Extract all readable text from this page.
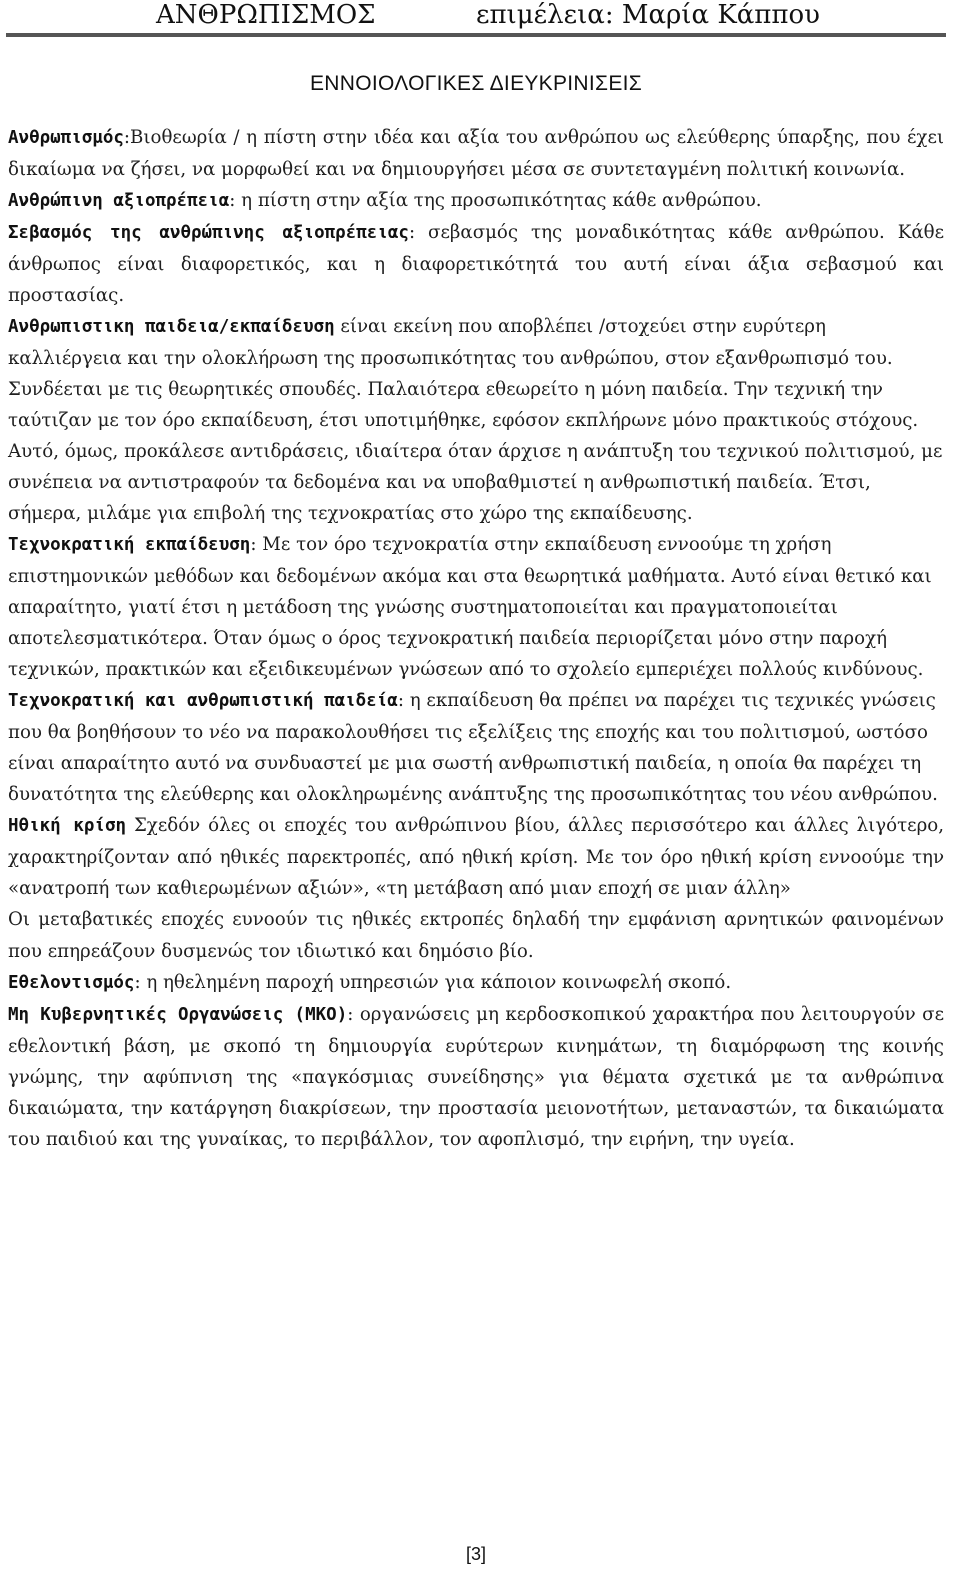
ΑΝΘΡΩΠΙΣΜΟΣ	επιμέλεια: Μαρία Κάππου
ΕΝΝΟΙΟΛΟΓΙΚΕΣ ΔΙΕΥΚΡΙΝΙΣΕΙΣ

Ανθρωπισμός:Βιοθεωρία / η πίστη στην ιδέα και αξία του ανθρώπου ως ελεύθερης ύπαρξης, που έχει δικαίωμα να ζήσει, να μορφωθεί και να δημιουργήσει μέσα σε συντεταγμένη πολιτική κοινωνία.

Ανθρώπινη αξιοπρέπεια: η πίστη στην αξία της προσωπικότητας κάθε ανθρώπου.

Σεβασμός της ανθρώπινης αξιοπρέπειας: σεβασμός της μοναδικότητας κάθε ανθρώπου. Κάθε άνθρωπος είναι διαφορετικός, και η διαφορετικότητά του αυτή είναι άξια σεβασμού και προστασίας.

Ανθρωπιστικη παιδεια/εκπαίδευση είναι εκείνη που αποβλέπει /στοχεύει στην ευρύτερη καλλιέργεια και την ολοκλήρωση της προσωπικότητας του ανθρώπου, στον εξανθρωπισμό του. Συνδέεται με τις θεωρητικές σπουδές. Παλαιότερα εθεωρείτο η μόνη παιδεία. Την τεχνική την ταύτιζαν με τον όρο εκπαίδευση, έτσι υποτιμήθηκε, εφόσον εκπλήρωνε μόνο πρακτικούς στόχους. Αυτό, όμως, προκάλεσε αντιδράσεις, ιδιαίτερα όταν άρχισε η ανάπτυξη του τεχνικού πολιτισμού, με συνέπεια να αντιστραφούν τα δεδομένα και να υποβαθμιστεί η ανθρωπιστική παιδεία. Έτσι, σήμερα, μιλάμε για επιβολή της τεχνοκρατίας στο χώρο της εκπαίδευσης.

Τεχνοκρατική εκπαίδευση: Με τον όρο τεχνοκρατία στην εκπαίδευση εννοούμε τη χρήση επιστημονικών μεθόδων και δεδομένων ακόμα και στα θεωρητικά μαθήματα. Αυτό είναι θετικό και απαραίτητο, γιατί έτσι η μετάδοση της γνώσης συστηματοποιείται και πραγματοποιείται αποτελεσματικότερα. Όταν όμως ο όρος τεχνοκρατική παιδεία περιορίζεται μόνο στην παροχή τεχνικών, πρακτικών και εξειδικευμένων γνώσεων από το σχολείο εμπεριέχει πολλούς κινδύνους.

Τεχνοκρατική και ανθρωπιστική παιδεία: η εκπαίδευση θα πρέπει να παρέχει τις τεχνικές γνώσεις που θα βοηθήσουν το νέο να παρακολουθήσει τις εξελίξεις της εποχής και του πολιτισμού, ωστόσο είναι απαραίτητο αυτό να συνδυαστεί με μια σωστή ανθρωπιστική παιδεία, η οποία θα παρέχει τη δυνατότητα της ελεύθερης και ολοκληρωμένης ανάπτυξης της προσωπικότητας του νέου ανθρώπου.

Ηθική κρίση Σχεδόν όλες οι εποχές του ανθρώπινου βίου, άλλες περισσότερο και άλλες λιγότερο, χαρακτηρίζονταν από ηθικές παρεκτροπές, από ηθική κρίση. Με τον όρο ηθική κρίση εννοούμε την «ανατροπή των καθιερωμένων αξιών», «τη μετάβαση από μιαν εποχή σε μιαν άλλη»

Οι μεταβατικές εποχές ευνοούν τις ηθικές εκτροπές δηλαδή την εμφάνιση αρνητικών φαινομένων που επηρεάζουν δυσμενώς τον ιδιωτικό και δημόσιο βίο.

Εθελοντισμός: η ηθελημένη παροχή υπηρεσιών για κάποιον κοινωφελή σκοπό.

Μη Κυβερνητικές Οργανώσεις (ΜΚΟ): οργανώσεις μη κερδοσκοπικού χαρακτήρα που λειτουργούν σε εθελοντική βάση, με σκοπό τη δημιουργία ευρύτερων κινημάτων, τη διαμόρφωση της κοινής γνώμης, την αφύπνιση της «παγκόσμιας συνείδησης» για θέματα σχετικά με τα ανθρώπινα δικαιώματα, την κατάργηση διακρίσεων, την προστασία μειονοτήτων, μεταναστών, τα δικαιώματα του παιδιού και της γυναίκας, το περιβάλλον, τον αφοπλισμό, την ειρήνη, την υγεία.

[3]
